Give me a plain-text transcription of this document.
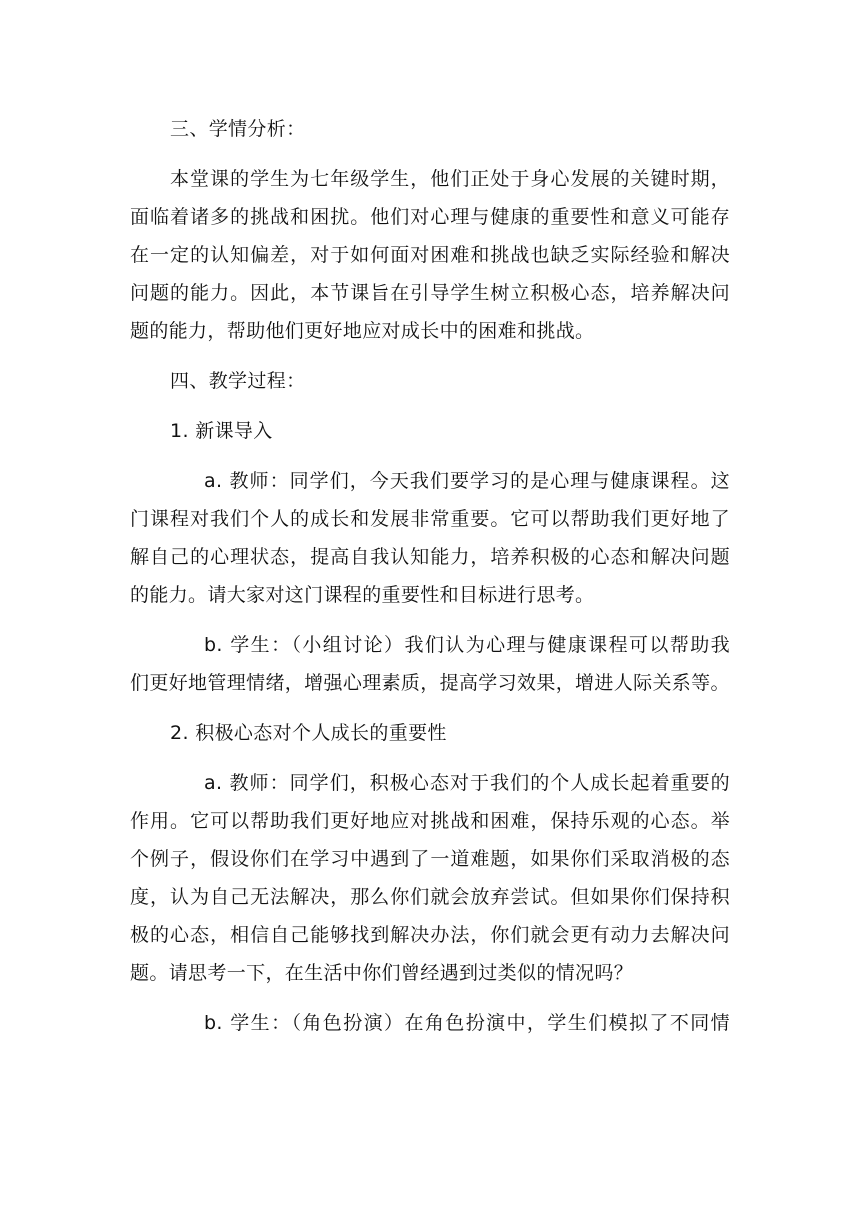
三、学情分析：
本堂课的学生为七年级学生，他们正处于身心发展的关键时期，
面临着诸多的挑战和困扰。他们对心理与健康的重要性和意义可能存
在一定的认知偏差，对于如何面对困难和挑战也缺乏实际经验和解决
问题的能力。因此，本节课旨在引导学生树立积极心态，培养解决问
题的能力，帮助他们更好地应对成长中的困难和挑战。
四、教学过程：
1. 新课导入
a. 教师：同学们，今天我们要学习的是心理与健康课程。这
门课程对我们个人的成长和发展非常重要。它可以帮助我们更好地了
解自己的心理状态，提高自我认知能力，培养积极的心态和解决问题
的能力。请大家对这门课程的重要性和目标进行思考。
b. 学生：（小组讨论）我们认为心理与健康课程可以帮助我
们更好地管理情绪，增强心理素质，提高学习效果，增进人际关系等。
2. 积极心态对个人成长的重要性
a. 教师：同学们，积极心态对于我们的个人成长起着重要的
作用。它可以帮助我们更好地应对挑战和困难，保持乐观的心态。举
个例子，假设你们在学习中遇到了一道难题，如果你们采取消极的态
度，认为自己无法解决，那么你们就会放弃尝试。但如果你们保持积
极的心态，相信自己能够找到解决办法，你们就会更有动力去解决问
题。请思考一下，在生活中你们曾经遇到过类似的情况吗？
b. 学生：（角色扮演）在角色扮演中，学生们模拟了不同情
